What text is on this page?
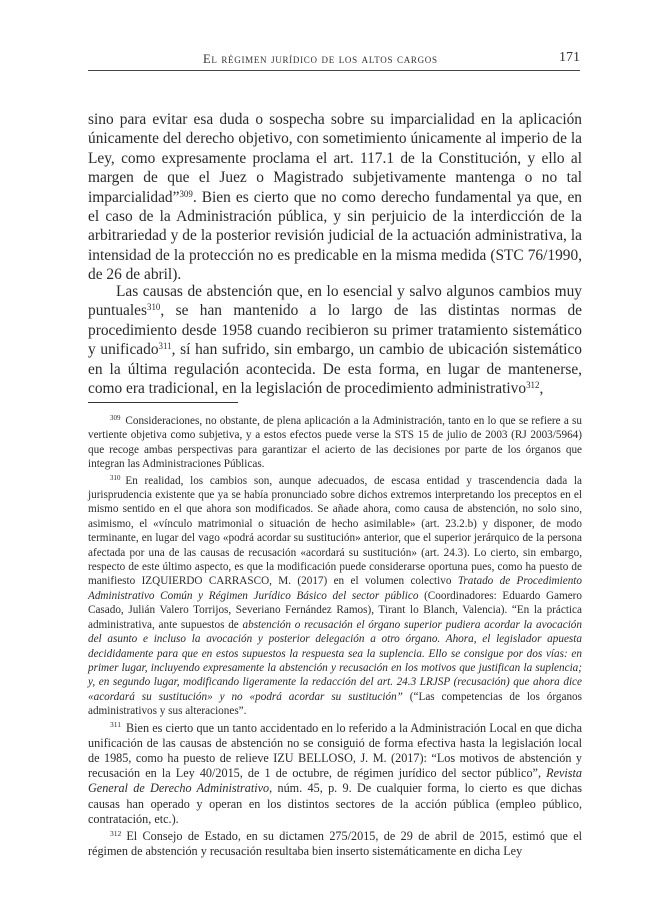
El régimen jurídico de los altos cargos	171
sino para evitar esa duda o sospecha sobre su imparcialidad en la aplicación únicamente del derecho objetivo, con sometimiento únicamente al imperio de la Ley, como expresamente proclama el art. 117.1 de la Constitución, y ello al margen de que el Juez o Magistrado subjetivamente mantenga o no tal imparcialidad”$^{309}$. Bien es cierto que no como derecho fundamental ya que, en el caso de la Administración pública, y sin perjuicio de la interdicción de la arbitrariedad y de la posterior revisión judicial de la actuación administrativa, la intensidad de la protección no es predicable en la misma medida (STC 76/1990, de 26 de abril).
Las causas de abstención que, en lo esencial y salvo algunos cambios muy puntuales$^{310}$, se han mantenido a lo largo de las distintas normas de procedimiento desde 1958 cuando recibieron su primer tratamiento sistemático y unificado$^{311}$, sí han sufrido, sin embargo, un cambio de ubicación sistemático en la última regulación acontecida. De esta forma, en lugar de mantenerse, como era tradicional, en la legislación de procedimiento administrativo$^{312}$,

$^{309}$ Consideraciones, no obstante, de plena aplicación a la Administración, tanto en lo que se refiere a su vertiente objetiva como subjetiva, y a estos efectos puede verse la STS 15 de julio de 2003 (RJ 2003/5964) que recoge ambas perspectivas para garantizar el acierto de las decisiones por parte de los órganos que integran las Administraciones Públicas.

$^{310}$ En realidad, los cambios son, aunque adecuados, de escasa entidad y trascendencia dada la jurisprudencia existente que ya se había pronunciado sobre dichos extremos interpretando los preceptos en el mismo sentido en el que ahora son modificados. Se añade ahora, como causa de abstención, no solo sino, asimismo, el «vínculo matrimonial o situación de hecho asimilable» (art. 23.2.b) y disponer, de modo terminante, en lugar del vago «podrá acordar su sustitución» anterior, que el superior jerárquico de la persona afectada por una de las causas de recusación «acordará su sustitución» (art. 24.3). Lo cierto, sin embargo, respecto de este último aspecto, es que la modificación puede considerarse oportuna pues, como ha puesto de manifiesto IZQUIERDO CARRASCO, M. (2017) en el volumen colectivo Tratado de Procedimiento Administrativo Común y Régimen Jurídico Básico del sector público (Coordinadores: Eduardo Gamero Casado, Julián Valero Torrijos, Severiano Fernández Ramos), Tirant lo Blanch, Valencia). “En la práctica administrativa, ante supuestos de abstención o recusación el órgano superior pudiera acordar la avocación del asunto e incluso la avocación y posterior delegación a otro órgano. Ahora, el legislador apuesta decididamente para que en estos supuestos la respuesta sea la suplencia. Ello se consigue por dos vías: en primer lugar, incluyendo expresamente la abstención y recusación en los motivos que justifican la suplencia; y, en segundo lugar, modificando ligeramente la redacción del art. 24.3 LRJSP (recusación) que ahora dice «acordará su sustitución» y no «podrá acordar su sustitución” (“Las competencias de los órganos administrativos y sus alteraciones”.

$^{311}$ Bien es cierto que un tanto accidentado en lo referido a la Administración Local en que dicha unificación de las causas de abstención no se consiguió de forma efectiva hasta la legislación local de 1985, como ha puesto de relieve IZU BELLOSO, J. M. (2017): “Los motivos de abstención y recusación en la Ley 40/2015, de 1 de octubre, de régimen jurídico del sector público”, Revista General de Derecho Administrativo, núm. 45, p. 9. De cualquier forma, lo cierto es que dichas causas han operado y operan en los distintos sectores de la acción pública (empleo público, contratación, etc.).

$^{312}$ El Consejo de Estado, en su dictamen 275/2015, de 29 de abril de 2015, estimó que el régimen de abstención y recusación resultaba bien inserto sistemáticamente en dicha Ley
